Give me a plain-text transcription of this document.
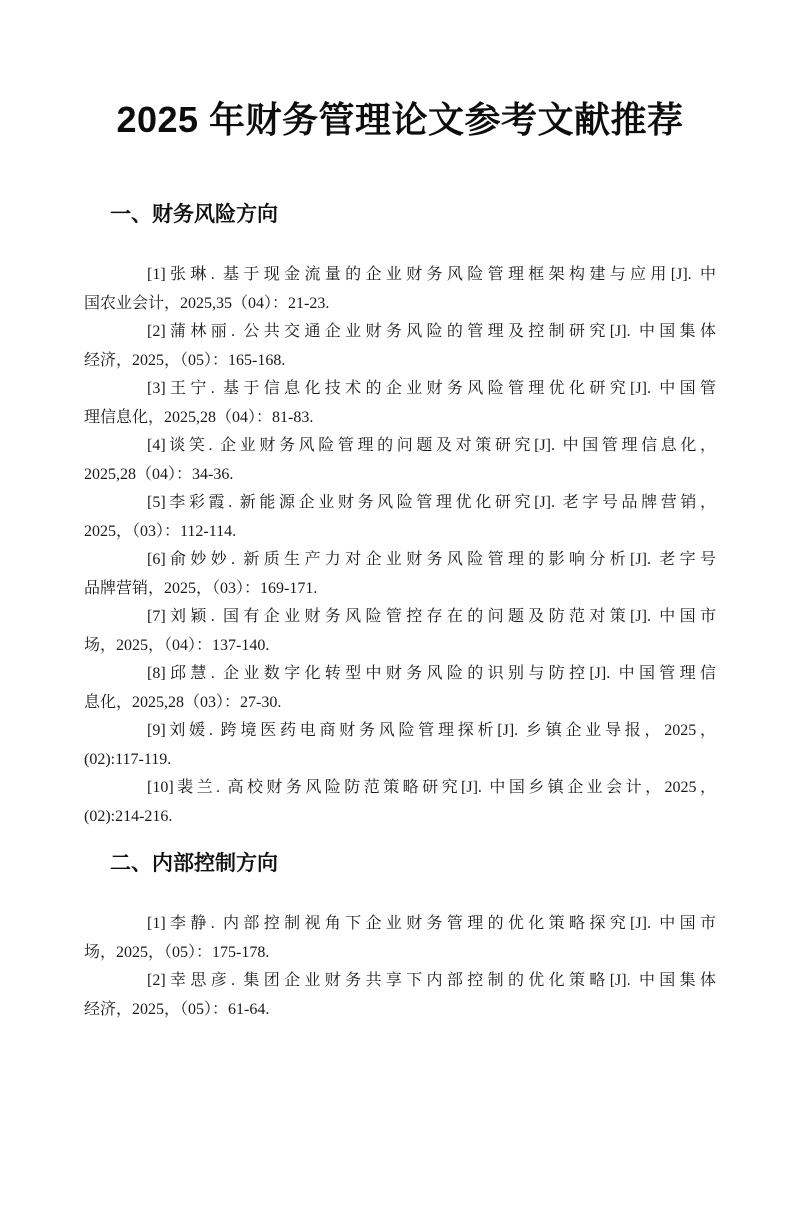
2025 年财务管理论文参考文献推荐
一、财务风险方向

[1]张琳. 基于现金流量的企业财务风险管理框架构建与应用[J]. 中
国农业会计，2025,35（04）：21-23.

[2]蒲林丽. 公共交通企业财务风险的管理及控制研究[J]. 中国集体
经济，2025，（05）：165-168.

[3]王宁. 基于信息化技术的企业财务风险管理优化研究[J]. 中国管
理信息化，2025,28（04）：81-83.

[4]谈笑. 企业财务风险管理的问题及对策研究[J]. 中国管理信息化，
2025,28（04）：34-36.

[5]李彩霞. 新能源企业财务风险管理优化研究[J]. 老字号品牌营销，
2025，（03）：112-114.

[6]俞妙妙. 新质生产力对企业财务风险管理的影响分析[J]. 老字号
品牌营销，2025，（03）：169-171.

[7]刘颖. 国有企业财务风险管控存在的问题及防范对策[J]. 中国市
场，2025，（04）：137-140.

[8]邱慧. 企业数字化转型中财务风险的识别与防控[J]. 中国管理信
息化，2025,28（03）：27-30.

[9]刘媛. 跨境医药电商财务风险管理探析[J]. 乡镇企业导报，2025，
(02):117-119.

[10]裴兰. 高校财务风险防范策略研究[J]. 中国乡镇企业会计，2025，
(02):214-216.

二、内部控制方向

[1]李静. 内部控制视角下企业财务管理的优化策略探究[J]. 中国市
场，2025，（05）：175-178.

[2]幸思彦. 集团企业财务共享下内部控制的优化策略[J]. 中国集体
经济，2025，（05）：61-64.
